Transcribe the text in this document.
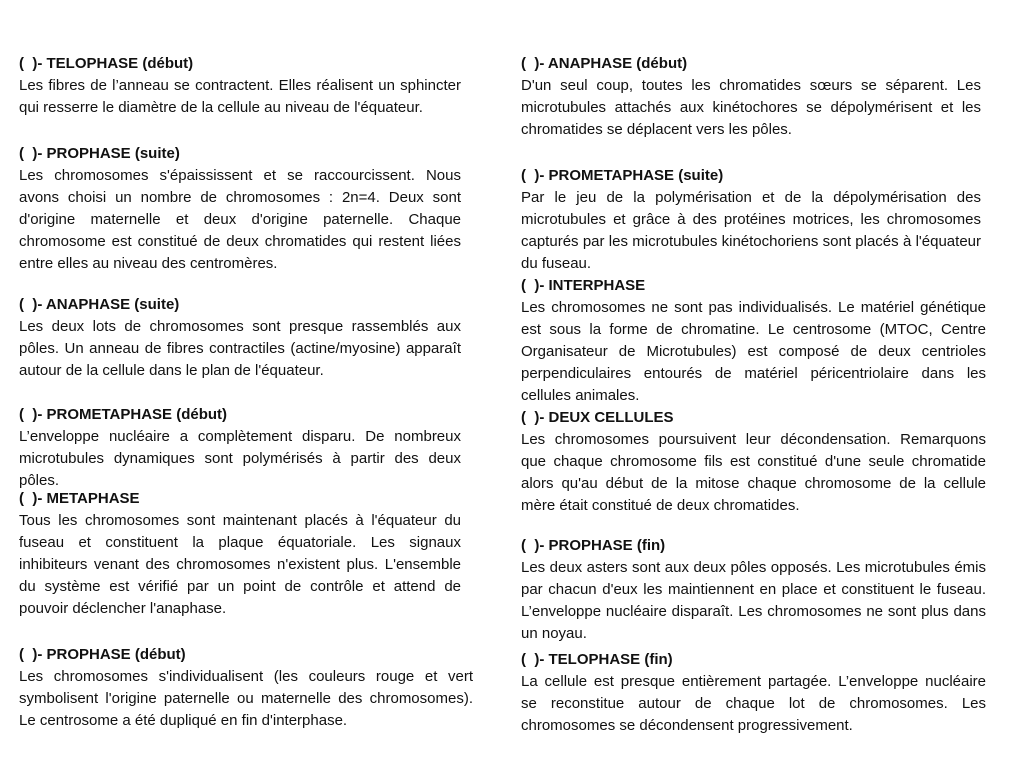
(  )- TELOPHASE (début)

Les fibres de l’anneau se contractent. Elles réalisent un sphincter qui resserre le diamètre de la cellule au niveau de l'équateur.

(  )- PROPHASE (suite)

Les chromosomes s'épaississent et se raccourcissent. Nous avons choisi un nombre de chromosomes : 2n=4. Deux sont d'origine maternelle et deux d'origine paternelle. Chaque chromosome est constitué de deux chromatides qui restent liées entre elles au niveau des centromères.

(  )- ANAPHASE (suite)

Les deux lots de chromosomes sont presque rassemblés aux pôles. Un anneau de fibres contractiles (actine/myosine) apparaît autour de la cellule dans le plan de l'équateur.

(  )- PROMETAPHASE (début)

L’enveloppe nucléaire a complètement disparu. De nombreux microtubules dynamiques sont polymérisés à partir des deux pôles.

(  )- METAPHASE

Tous les chromosomes sont maintenant placés à l'équateur du fuseau et constituent la plaque équatoriale. Les signaux inhibiteurs venant des chromosomes n'existent plus. L'ensemble du système est vérifié par un point de contrôle et attend de pouvoir déclencher l'anaphase.

(  )- PROPHASE (début)

Les chromosomes s'individualisent (les couleurs rouge et vert symbolisent l'origine paternelle ou maternelle des chromosomes). Le centrosome a été dupliqué en fin d'interphase.

(  )- ANAPHASE (début)

D'un seul coup, toutes les chromatides sœurs se séparent. Les microtubules attachés aux kinétochores se dépolymérisent et les chromatides se déplacent vers les pôles.

(  )- PROMETAPHASE (suite)

Par le jeu de la polymérisation et de la dépolymérisation des microtubules et grâce à des protéines motrices, les chromosomes capturés par les microtubules kinétochoriens sont placés à l'équateur du fuseau.

(  )- INTERPHASE

Les chromosomes ne sont pas individualisés. Le matériel génétique est sous la forme de chromatine. Le centrosome (MTOC, Centre Organisateur de Microtubules) est composé de deux centrioles perpendiculaires entourés de matériel péricentriolaire dans les cellules animales.

(  )- DEUX CELLULES

Les chromosomes poursuivent leur décondensation. Remarquons que chaque chromosome fils est constitué d'une seule chromatide alors qu'au début de la mitose chaque chromosome de la cellule mère était constitué de deux chromatides.

(  )- PROPHASE (fin)

Les deux asters sont aux deux pôles opposés. Les microtubules émis par chacun d'eux les maintiennent en place et constituent le fuseau. L’enveloppe nucléaire disparaît. Les chromosomes ne sont plus dans un noyau.

(  )- TELOPHASE (fin)

La cellule est presque entièrement partagée. L’enveloppe nucléaire se reconstitue autour de chaque lot de chromosomes. Les chromosomes se décondensent progressivement.
